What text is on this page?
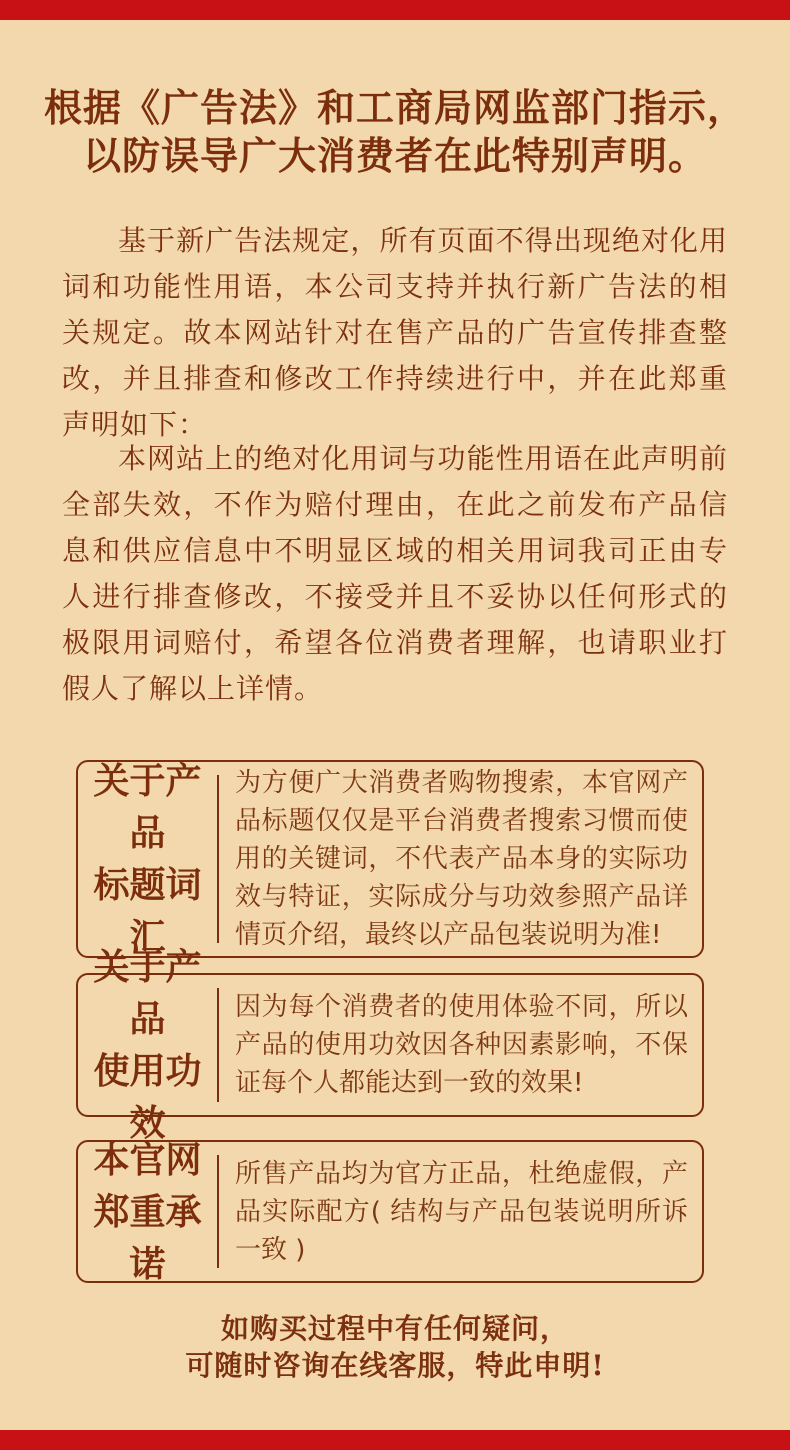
根据《广告法》和工商局网监部门指示，
以防误导广大消费者在此特别声明。

基于新广告法规定，所有页面不得出现绝对化用词和功能性用语，本公司支持并执行新广告法的相关规定。故本网站针对在售产品的广告宣传排查整改，并且排查和修改工作持续进行中，并在此郑重声明如下：

本网站上的绝对化用词与功能性用语在此声明前全部失效，不作为赔付理由，在此之前发布产品信息和供应信息中不明显区域的相关用词我司正由专人进行排查修改，不接受并且不妥协以任何形式的极限用词赔付，希望各位消费者理解，也请职业打假人了解以上详情。

关于产品
标题词汇

为方便广大消费者购物搜索，本官网产品标题仅仅是平台消费者搜索习惯而使用的关键词，不代表产品本身的实际功效与特证，实际成分与功效参照产品详情页介绍，最终以产品包装说明为准!

关于产品
使用功效

因为每个消费者的使用体验不同，所以产品的使用功效因各种因素影响，不保证每个人都能达到一致的效果!

本官网
郑重承诺

所售产品均为官方正品，杜绝虚假，产品实际配方( 结构与产品包装说明所诉一致 )

如购买过程中有任何疑问，
可随时咨询在线客服，特此申明!
